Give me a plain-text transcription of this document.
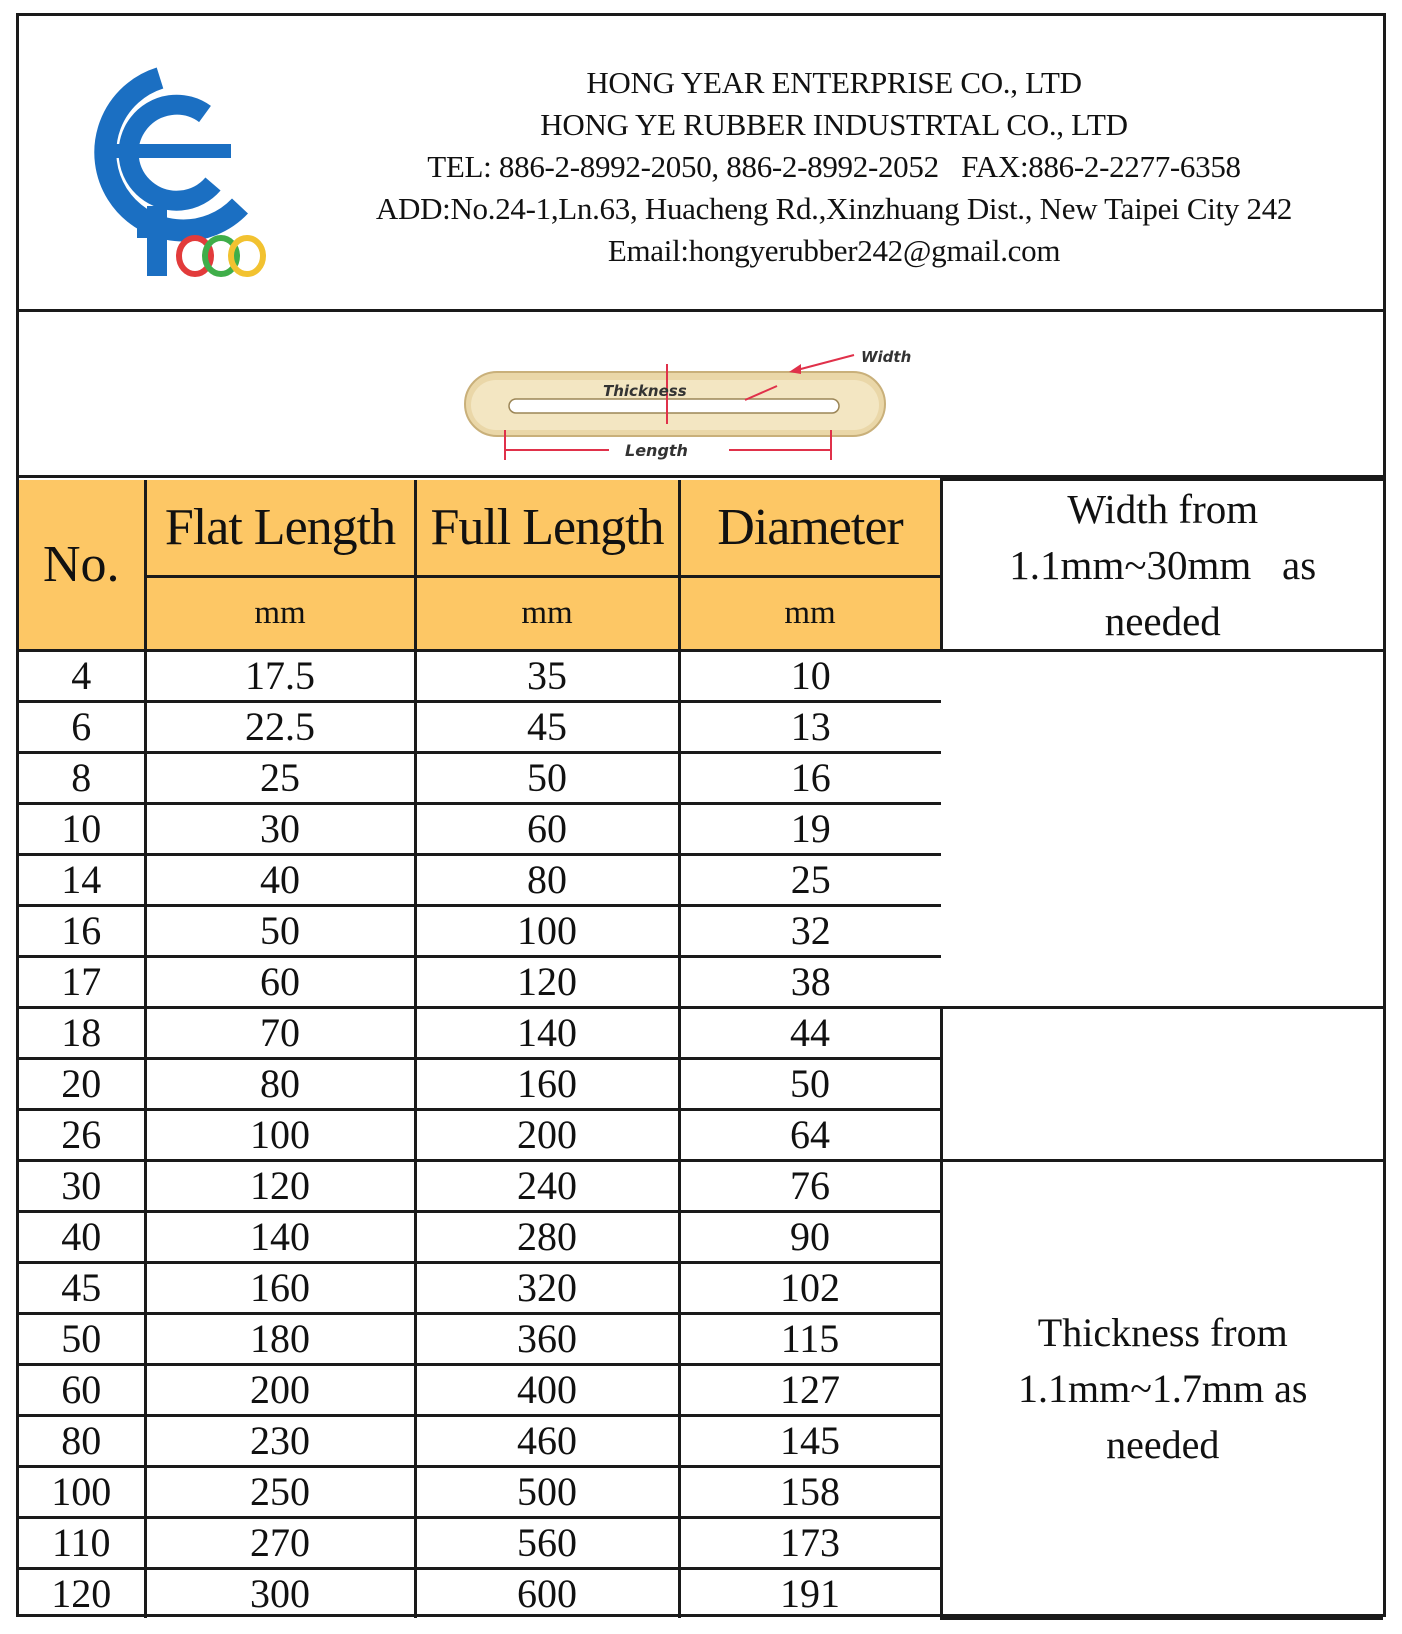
HONG YEAR ENTERPRISE CO., LTD
HONG YE RUBBER INDUSTRTAL CO., LTD
TEL: 886-2-8992-2050, 886-2-8992-2052   FAX:886-2-2277-6358
ADD:No.24-1,Ln.63, Huacheng Rd.,Xinzhuang Dist., New Taipei City 242
Email:hongyerubber242@gmail.com
Thickness
Width
Length
No.	Flat Length	Full Length	Diameter	Width from
1.1mm~30mm   as
needed

	mm	mm	mm	
4	17.5	35	10	
6	22.5	45	13	
8	25	50	16	
10	30	60	19	
14	40	80	25	
16	50	100	32	
17	60	120	38	
18	70	140	44	
20	80	160	50	
26	100	200	64	
30	120	240	76	Thickness from
1.1mm~1.7mm as
needed

40	140	280	90	
45	160	320	102	
50	180	360	115	
60	200	400	127	
80	230	460	145	
100	250	500	158	
110	270	560	173	
120	300	600	191	
